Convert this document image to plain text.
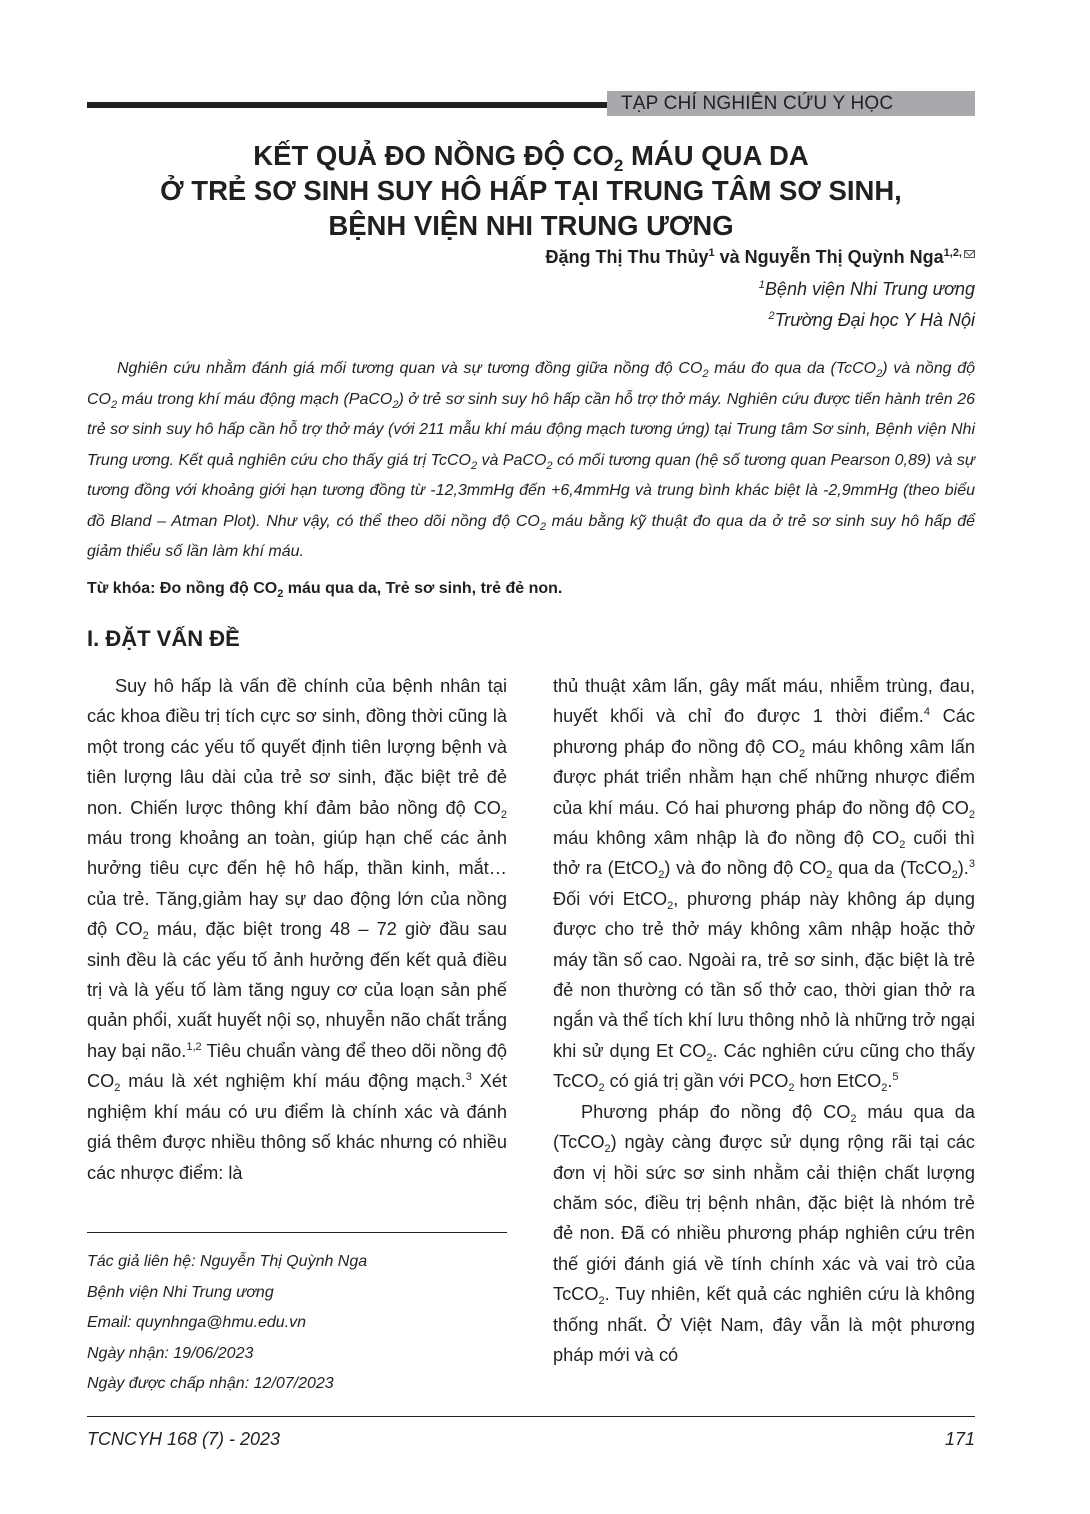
TẠP CHÍ NGHIÊN CỨU Y HỌC
KẾT QUẢ ĐO NỒNG ĐỘ $CO_2$ MÁU QUA DA
Ở TRẺ SƠ SINH SUY HÔ HẤP TẠI TRUNG TÂM SƠ SINH,
BỆNH VIỆN NHI TRUNG ƯƠNG
Đặng Thị Thu Thủy$^1$ và Nguyễn Thị Quỳnh Nga$^{1,2,}$
$^1$Bệnh viện Nhi Trung ương
$^2$Trường Đại học Y Hà Nội

Nghiên cứu nhằm đánh giá mối tương quan và sự tương đồng giữa nồng độ $CO_2$ máu đo qua da (TcCO$_2$) và nồng độ $CO_2$ máu trong khí máu động mạch (PaCO$_2$) ở trẻ sơ sinh suy hô hấp cần hỗ trợ thở máy. Nghiên cứu được tiến hành trên 26 trẻ sơ sinh suy hô hấp cần hỗ trợ thở máy (với 211 mẫu khí máu động mạch tương ứng) tại Trung tâm Sơ sinh, Bệnh viện Nhi Trung ương. Kết quả nghiên cứu cho thấy giá trị TcCO$_2$ và PaCO$_2$ có mối tương quan (hệ số tương quan Pearson 0,89) và sự tương đồng với khoảng giới hạn tương đồng từ -12,3mmHg đến +6,4mmHg và trung bình khác biệt là -2,9mmHg (theo biểu đồ Bland – Atman Plot). Như vậy, có thể theo dõi nồng độ $CO_2$ máu bằng kỹ thuật đo qua da ở trẻ sơ sinh suy hô hấp để giảm thiểu số lần làm khí máu.

Từ khóa: Đo nồng độ $CO_2$ máu qua da, Trẻ sơ sinh, trẻ đẻ non.
I. ĐẶT VẤN ĐỀ

Suy hô hấp là vấn đề chính của bệnh nhân tại các khoa điều trị tích cực sơ sinh, đồng thời cũng là một trong các yếu tố quyết định tiên lượng bệnh và tiên lượng lâu dài của trẻ sơ sinh, đặc biệt trẻ đẻ non. Chiến lược thông khí đảm bảo nồng độ $CO_2$ máu trong khoảng an toàn, giúp hạn chế các ảnh hưởng tiêu cực đến hệ hô hấp, thần kinh, mắt… của trẻ. Tăng,giảm hay sự dao động lớn của nồng độ $CO_2$ máu, đặc biệt trong 48 – 72 giờ đầu sau sinh đều là các yếu tố ảnh hưởng đến kết quả điều trị và là yếu tố làm tăng nguy cơ của loạn sản phế quản phổi, xuất huyết nội sọ, nhuyễn não chất trắng hay bại não.$^{1,2}$ Tiêu chuẩn vàng để theo dõi nồng độ $CO_2$ máu là xét nghiệm khí máu động mạch.$^3$ Xét nghiệm khí máu có ưu điểm là chính xác và đánh giá thêm được nhiều thông số khác nhưng có nhiều các nhược điểm: là

Tác giả liên hệ: Nguyễn Thị Quỳnh Nga
Bệnh viện Nhi Trung ương
Email: quynhnga@hmu.edu.vn
Ngày nhận: 19/06/2023
Ngày được chấp nhận: 12/07/2023

thủ thuật xâm lấn, gây mất máu, nhiễm trùng, đau, huyết khối và chỉ đo được 1 thời điểm.$^4$ Các phương pháp đo nồng độ $CO_2$ máu không xâm lấn được phát triển nhằm hạn chế những nhược điểm của khí máu. Có hai phương pháp đo nồng độ $CO_2$ máu không xâm nhập là đo nồng độ $CO_2$ cuối thì thở ra (EtCO$_2$) và đo nồng độ $CO_2$ qua da (TcCO$_2$).$^3$ Đối với EtCO$_2$, phương pháp này không áp dụng được cho trẻ thở máy không xâm nhập hoặc thở máy tần số cao. Ngoài ra, trẻ sơ sinh, đặc biệt là trẻ đẻ non thường có tần số thở cao, thời gian thở ra ngắn và thể tích khí lưu thông nhỏ là những trở ngại khi sử dụng Et $CO_2$. Các nghiên cứu cũng cho thấy TcCO$_2$ có giá trị gần với $PCO_2$ hơn EtCO$_2$.$^5$

Phương pháp đo nồng độ $CO_2$ máu qua da (TcCO$_2$) ngày càng được sử dụng rộng rãi tại các đơn vị hồi sức sơ sinh nhằm cải thiện chất lượng chăm sóc, điều trị bệnh nhân, đặc biệt là nhóm trẻ đẻ non. Đã có nhiều phương pháp nghiên cứu trên thế giới đánh giá về tính chính xác và vai trò của TcCO$_2$. Tuy nhiên, kết quả các nghiên cứu là không thống nhất. Ở Việt Nam, đây vẫn là một phương pháp mới và có

TCNCYH 168 (7) - 2023	171
